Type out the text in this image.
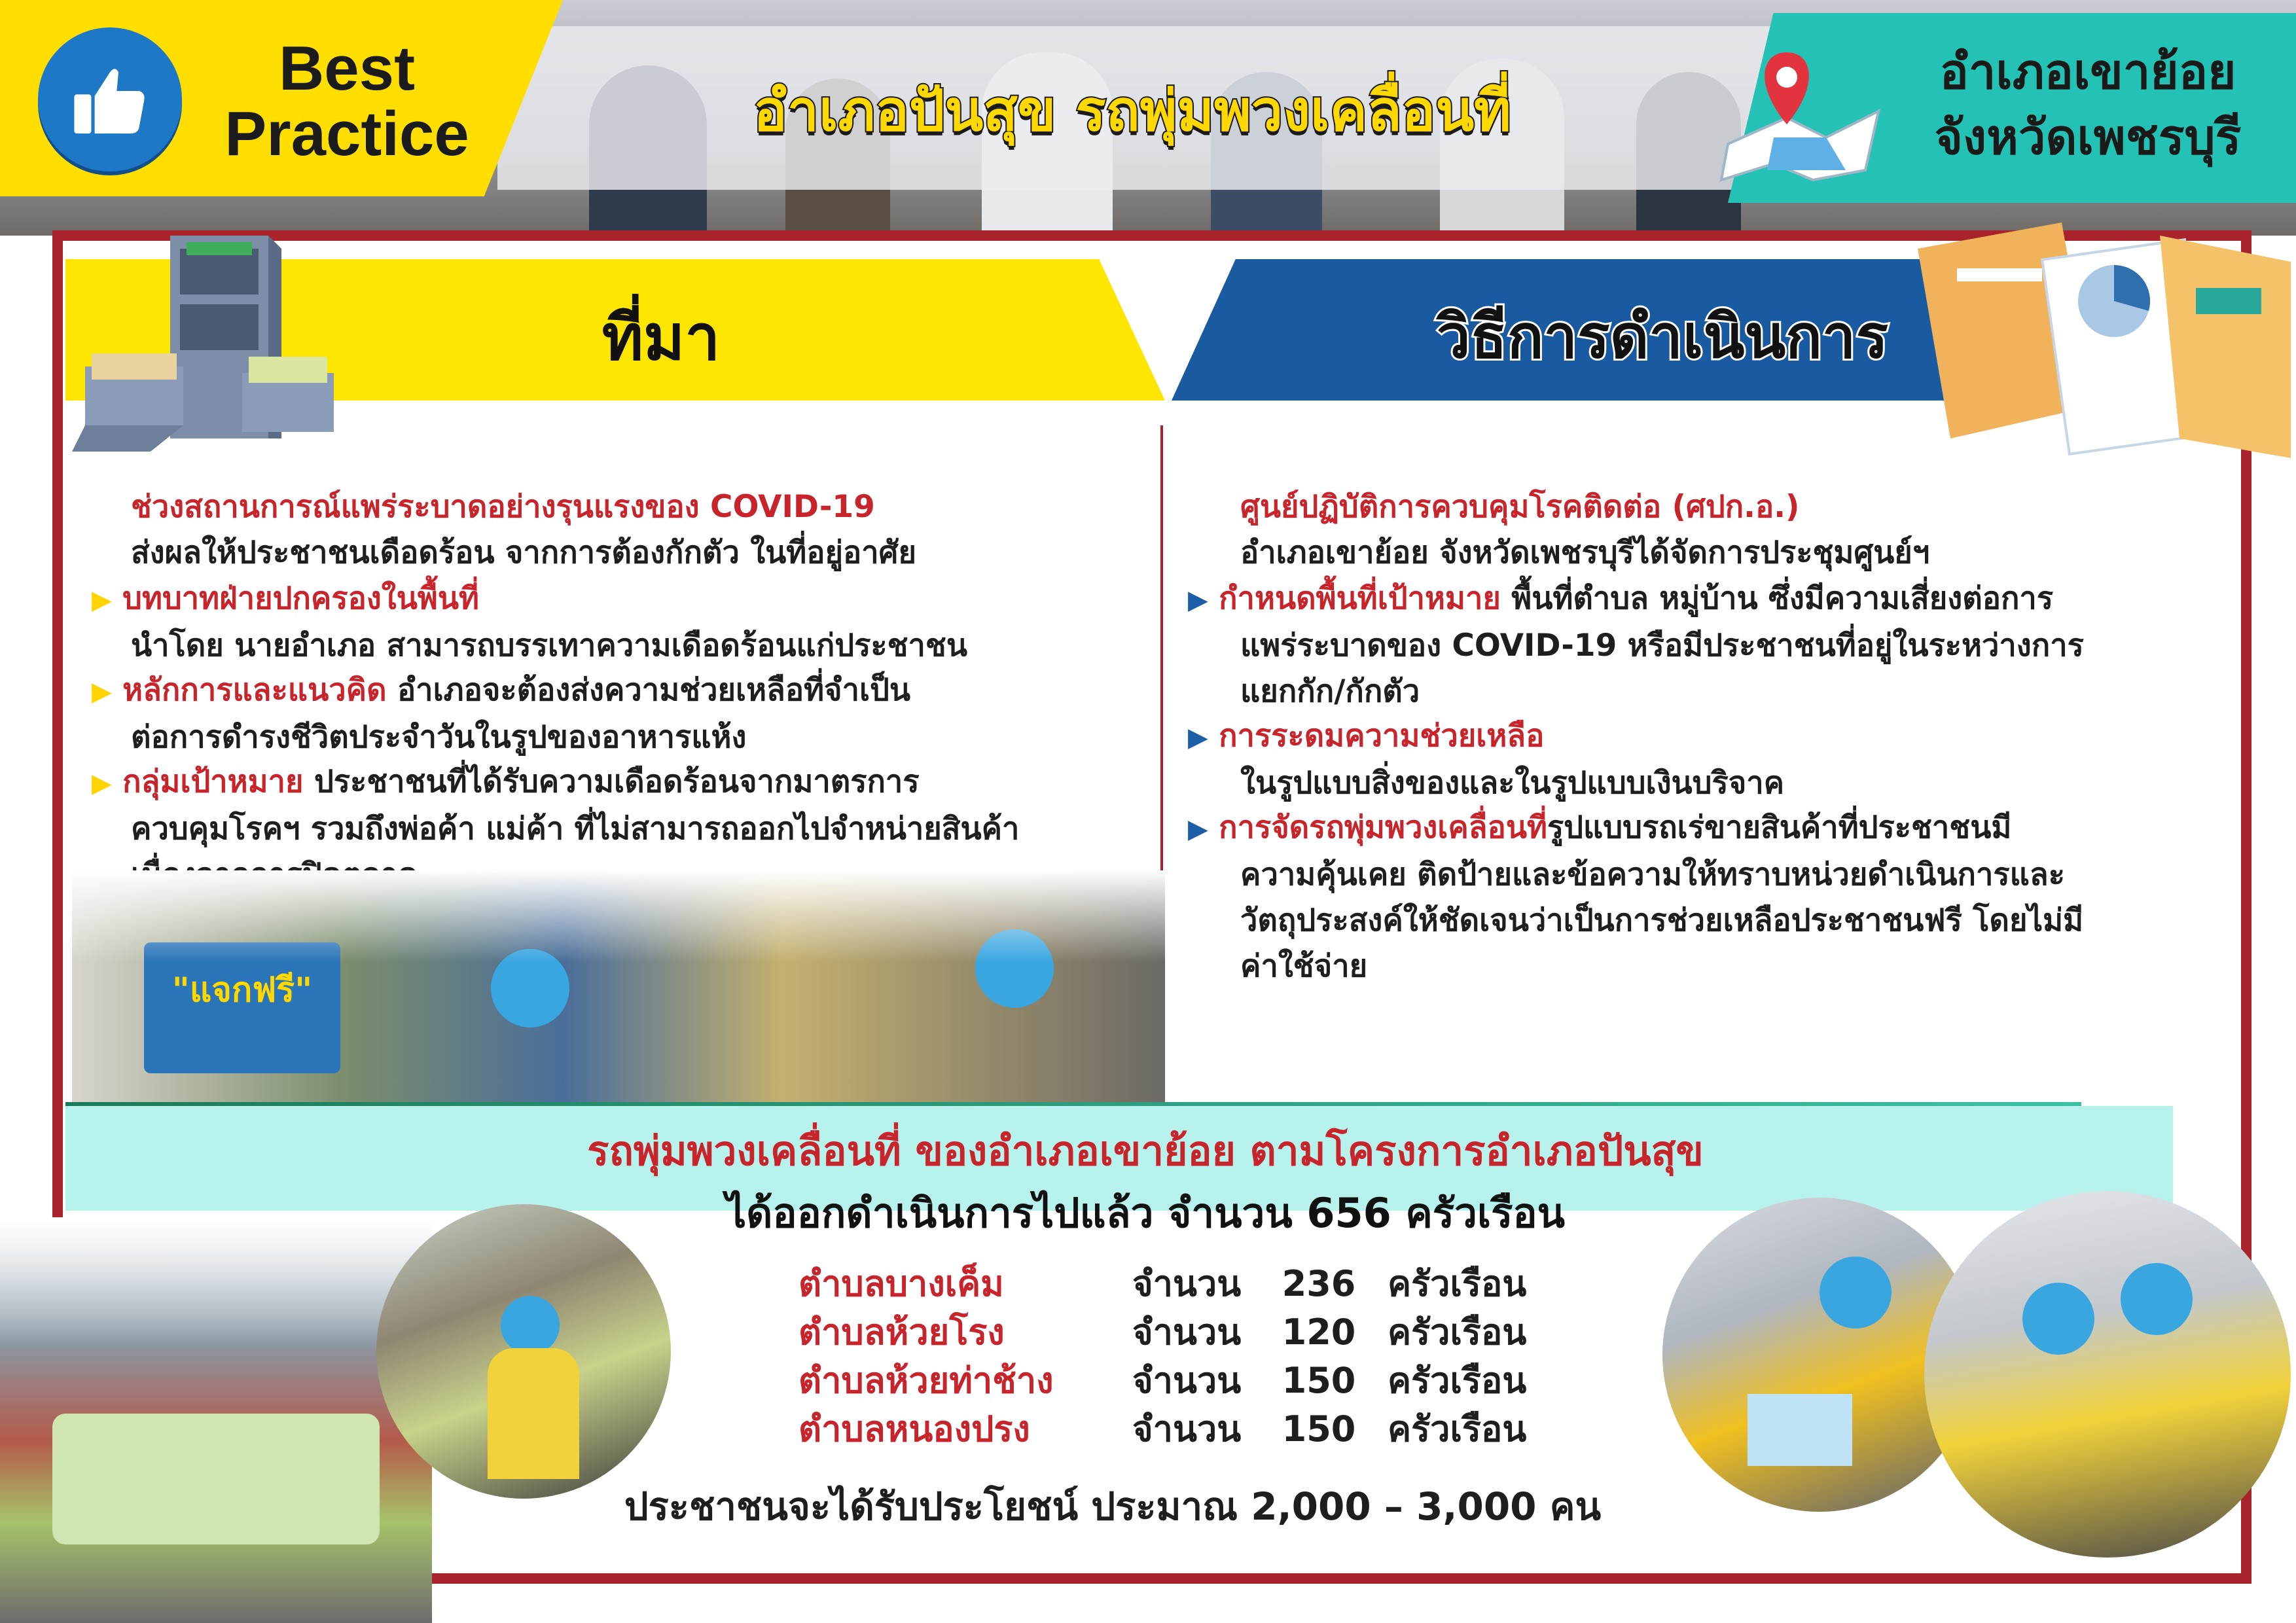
Best
Practice	อำเภอปันสุข รถพุ่มพวงเคลื่อนที่
อำเภอเขาย้อย
จังหวัดเพชรบุรี
ที่มา	วิธีการดำเนินการ
ช่วงสถานการณ์แพร่ระบาดอย่างรุนแรงของ COVID-19
ส่งผลให้ประชาชนเดือดร้อน จากการต้องกักตัว ในที่อยู่อาศัย
▶ บทบาทฝ่ายปกครองในพื้นที่
นำโดย นายอำเภอ สามารถบรรเทาความเดือดร้อนแก่ประชาชน
▶ หลักการและแนวคิด อำเภอจะต้องส่งความช่วยเหลือที่จำเป็น
ต่อการดำรงชีวิตประจำวันในรูปของอาหารแห้ง
▶ กลุ่มเป้าหมาย ประชาชนที่ได้รับความเดือดร้อนจากมาตรการ
ควบคุมโรคฯ รวมถึงพ่อค้า แม่ค้า ที่ไม่สามารถออกไปจำหน่ายสินค้า
"แจกฟรี"
ศูนย์ปฏิบัติการควบคุมโรคติดต่อ (ศปก.อ.)
อำเภอเขาย้อย จังหวัดเพชรบุรีได้จัดการประชุมศูนย์ฯ
▶ กำหนดพื้นที่เป้าหมาย พื้นที่ตำบล หมู่บ้าน ซึ่งมีความเสี่ยงต่อการ
แพร่ระบาดของ COVID-19 หรือมีประชาชนที่อยู่ในระหว่างการ
แยกกัก/กักตัว
▶ การระดมความช่วยเหลือ
ในรูปแบบสิ่งของและในรูปแบบเงินบริจาค
▶ การจัดรถพุ่มพวงเคลื่อนที่รูปแบบรถเร่ขายสินค้าที่ประชาชนมี
ความคุ้นเคย ติดป้ายและข้อความให้ทราบหน่วยดำเนินการและ
วัตถุประสงค์ให้ชัดเจนว่าเป็นการช่วยเหลือประชาชนฟรี โดยไม่มี
ค่าใช้จ่าย
รถพุ่มพวงเคลื่อนที่ ของอำเภอเขาย้อย ตามโครงการอำเภอปันสุข
ได้ออกดำเนินการไปแล้ว จำนวน 656 ครัวเรือน
ตำบลบางเค็ม	จำนวน 236 ครัวเรือน
ตำบลห้วยโรง	จำนวน 120 ครัวเรือน
ตำบลห้วยท่าช้าง จำนวน 150 ครัวเรือน
ตำบลหนองปรง	จำนวน 150 ครัวเรือน
ประชาชนจะได้รับประโยชน์ ประมาณ 2,000 – 3,000 คน
